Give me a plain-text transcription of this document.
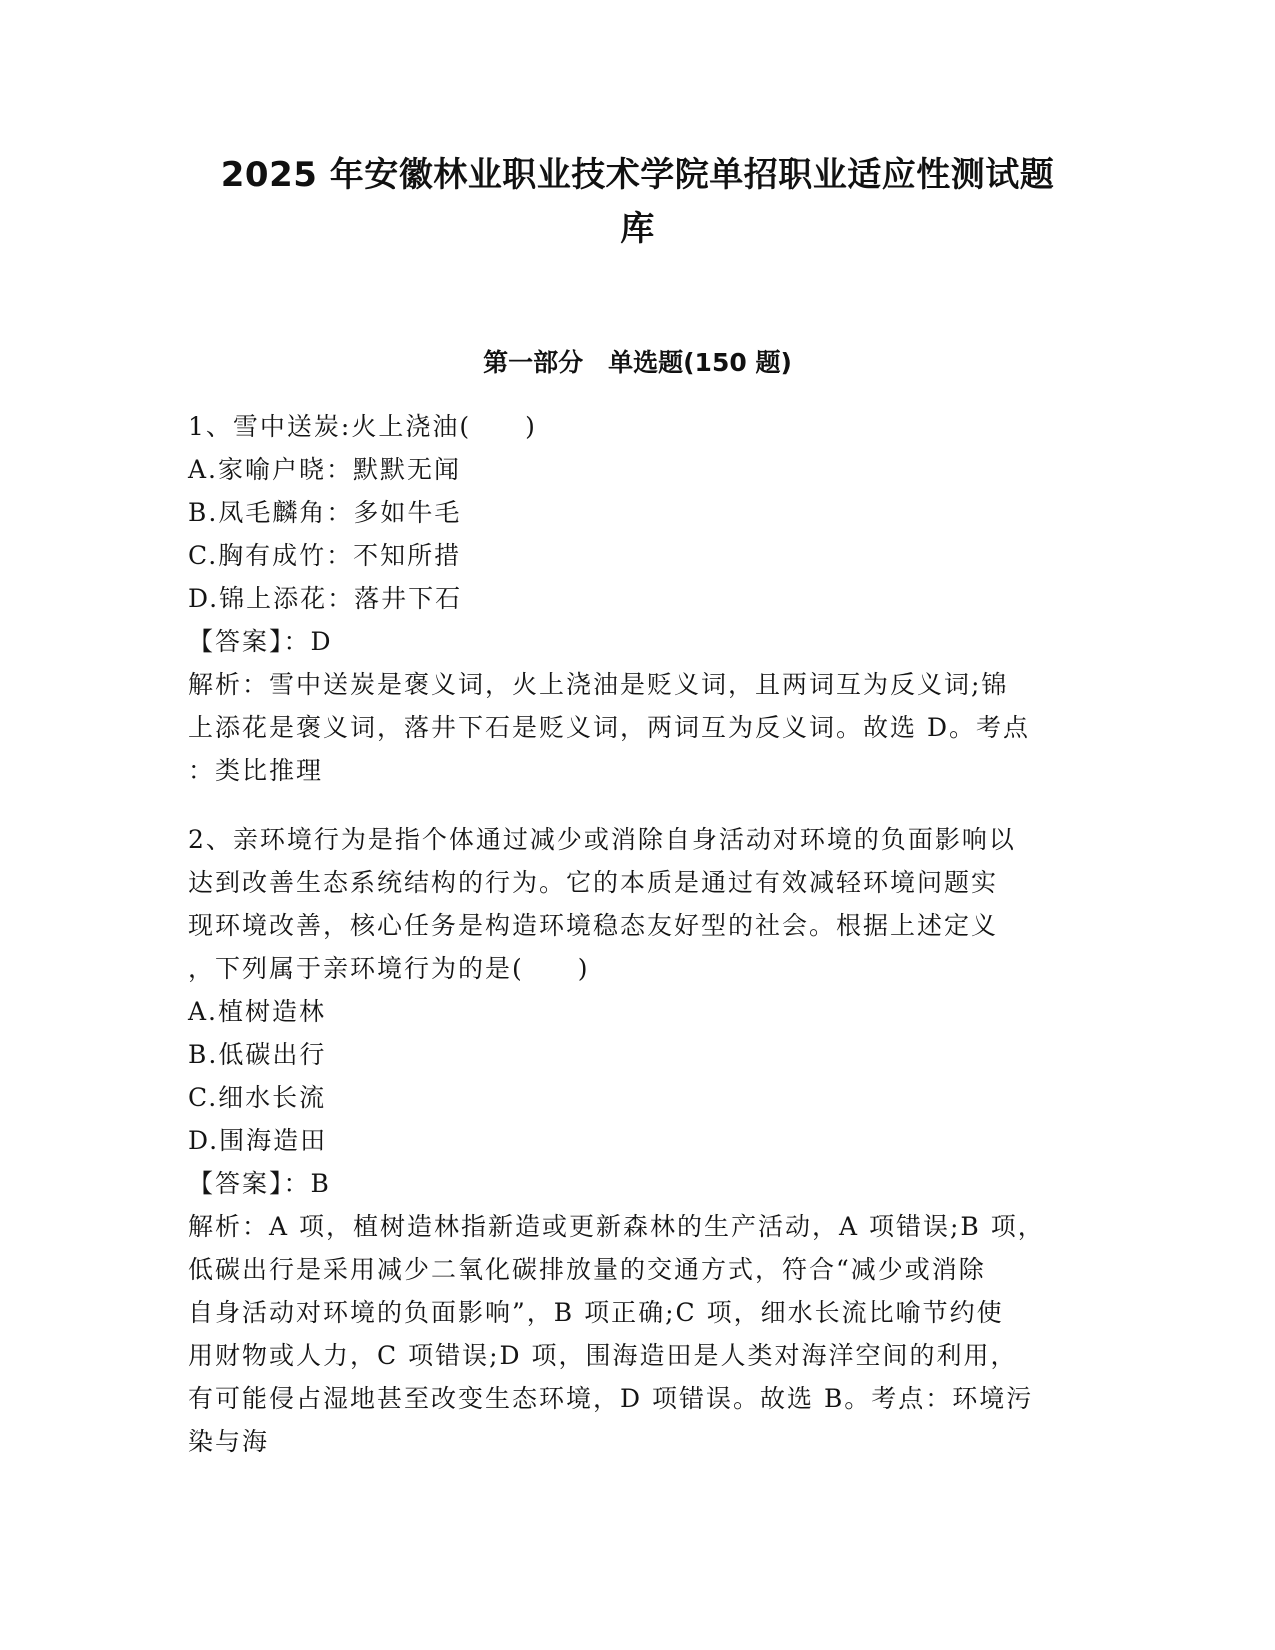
2025 年安徽林业职业技术学院单招职业适应性测试题
库
第一部分　单选题(150 题)
1、雪中送炭:火上浇油(　　)
A.家喻户晓：默默无闻
B.凤毛麟角：多如牛毛
C.胸有成竹：不知所措
D.锦上添花：落井下石
【答案】：D
解析：雪中送炭是褒义词，火上浇油是贬义词，且两词互为反义词;锦
上添花是褒义词，落井下石是贬义词，两词互为反义词。故选 D。考点
：类比推理
2、亲环境行为是指个体通过减少或消除自身活动对环境的负面影响以
达到改善生态系统结构的行为。它的本质是通过有效减轻环境问题实
现环境改善，核心任务是构造环境稳态友好型的社会。根据上述定义
，下列属于亲环境行为的是(　　)
A.植树造林
B.低碳出行
C.细水长流
D.围海造田
【答案】：B
解析：A 项，植树造林指新造或更新森林的生产活动，A 项错误;B 项，
低碳出行是采用减少二氧化碳排放量的交通方式，符合“减少或消除
自身活动对环境的负面影响”，B 项正确;C 项，细水长流比喻节约使
用财物或人力，C 项错误;D 项，围海造田是人类对海洋空间的利用，
有可能侵占湿地甚至改变生态环境，D 项错误。故选 B。考点：环境污
染与海
